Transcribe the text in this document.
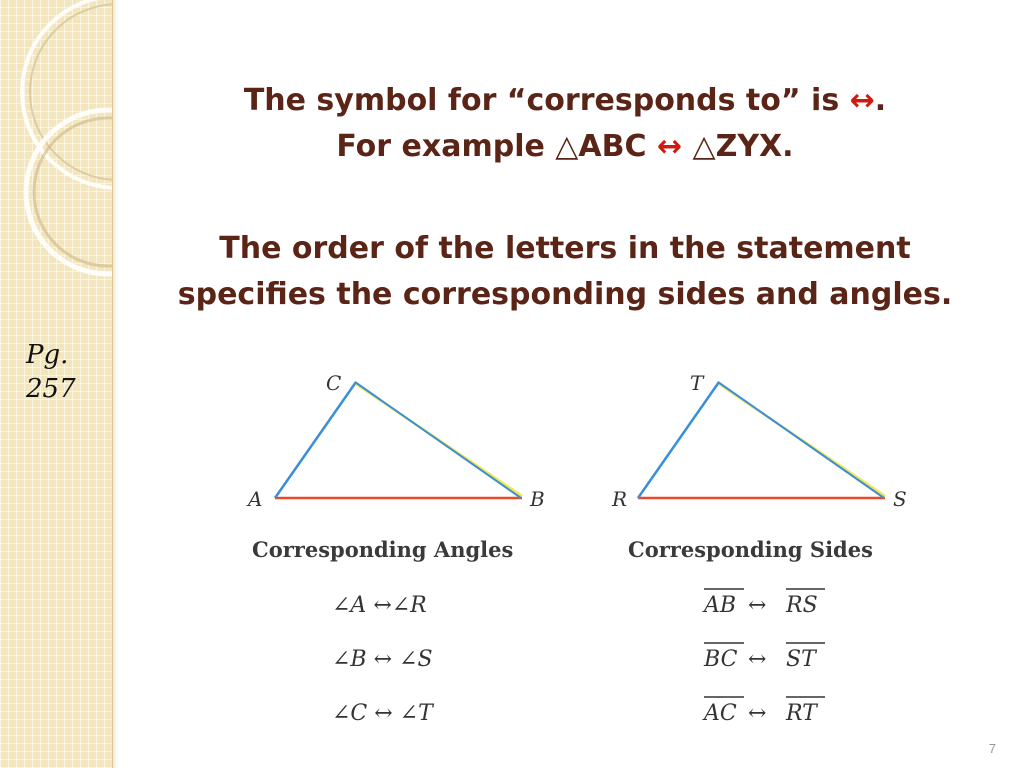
The symbol for “corresponds to” is ↔.
For example △ABC ↔ △ZYX.
The order of the letters in the statement
specifies the corresponding sides and angles.
Pg.
257	C
A	B
T
R	S
Corresponding Angles	Corresponding Sides
∠A ↔∠R
∠B ↔ ∠S
∠C ↔ ∠T
AB ↔ RS
BC ↔ ST
AC ↔ RT
7
